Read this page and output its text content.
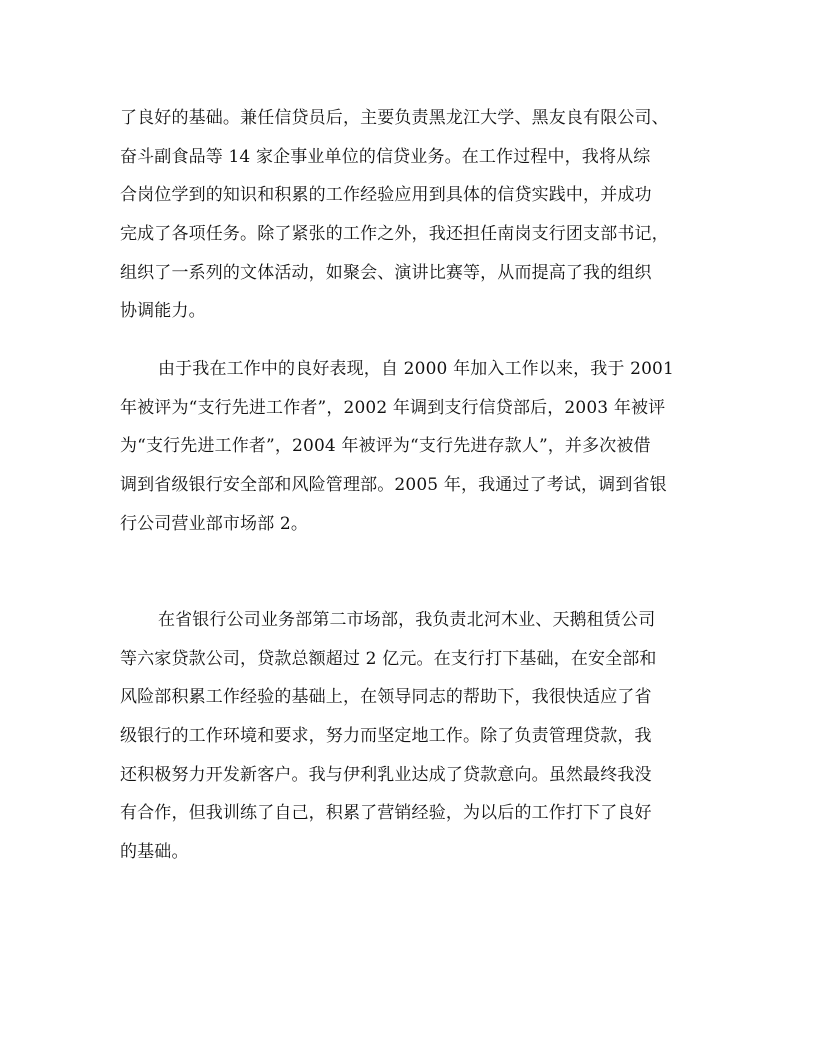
了良好的基础。兼任信贷员后，主要负责黑龙江大学、黑友良有限公司、
奋斗副食品等 14 家企事业单位的信贷业务。在工作过程中，我将从综
合岗位学到的知识和积累的工作经验应用到具体的信贷实践中，并成功
完成了各项任务。除了紧张的工作之外，我还担任南岗支行团支部书记，
组织了一系列的文体活动，如聚会、演讲比赛等，从而提高了我的组织
协调能力。
由于我在工作中的良好表现，自 2000 年加入工作以来，我于 2001
年被评为“支行先进工作者”，2002 年调到支行信贷部后，2003 年被评
为“支行先进工作者”，2004 年被评为“支行先进存款人”，并多次被借
调到省级银行安全部和风险管理部。2005 年，我通过了考试，调到省银
行公司营业部市场部 2。
在省银行公司业务部第二市场部，我负责北河木业、天鹅租赁公司
等六家贷款公司，贷款总额超过 2 亿元。在支行打下基础，在安全部和
风险部积累工作经验的基础上，在领导同志的帮助下，我很快适应了省
级银行的工作环境和要求，努力而坚定地工作。除了负责管理贷款，我
还积极努力开发新客户。我与伊利乳业达成了贷款意向。虽然最终我没
有合作，但我训练了自己，积累了营销经验，为以后的工作打下了良好
的基础。
